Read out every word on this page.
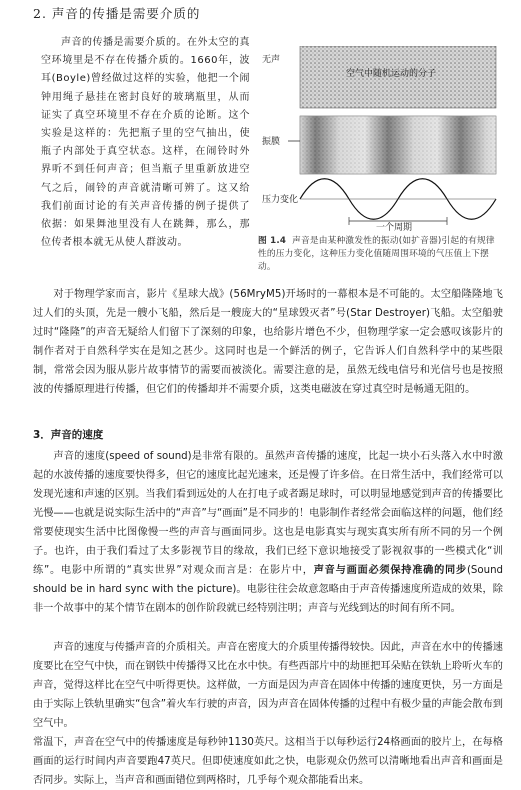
2. 声音的传播是需要介质的
声音的传播是需要介质的。在外太空的真空环境里是不存在传播介质的。1660年，波耳(Boyle)曾经做过这样的实验，他把一个闹钟用绳子悬挂在密封良好的玻璃瓶里，从而证实了真空环境里不存在介质的论断。这个实验是这样的：先把瓶子里的空气抽出，使瓶子内部处于真空状态。这样，在闹铃时外界听不到任何声音；但当瓶子里重新放进空气之后，闹铃的声音就清晰可辨了。这又给我们前面讨论的有关声音传播的例子提供了依据：如果舞池里没有人在跳舞，那么，那位传者根本就无从使人群波动。
无声
空气中随机运动的分子
振膜
压力变化
一个周期
图 1.4 声音是由某种激发性的振动(如扩音器)引起的有规律性的压力变化，这种压力变化值随周围环境的气压值上下摆动。
对于物理学家而言，影片《星球大战》(56MryM5)开场时的一幕根本是不可能的。太空船隆隆地飞过人们的头顶，先是一艘小飞船，然后是一艘庞大的“星球毁灭者”号(Star Destroyer)飞船。太空船驶过时“隆隆”的声音无疑给人们留下了深刻的印象，也给影片增色不少，但物理学家一定会感叹该影片的制作者对于自然科学实在是知之甚少。这同时也是一个鲜活的例子，它告诉人们自然科学中的某些限制，常常会因为服从影片故事情节的需要而被淡化。需要注意的是，虽然无线电信号和光信号也是按照波的传播原理进行传播，但它们的传播却并不需要介质，这类电磁波在穿过真空时是畅通无阻的。
3．声音的速度
声音的速度(speed of sound)是非常有限的。虽然声音传播的速度，比起一块小石头落入水中时激起的水波传播的速度要快得多，但它的速度比起光速来，还是慢了许多倍。在日常生活中，我们经常可以发现光速和声速的区别。当我们看到远处的人在打电子或者踢足球时，可以明显地感觉到声音的传播要比光慢——也就是说实际生活中的“声音”与“画面”是不同步的！电影制作者经常会面临这样的问题，他们经常要使现实生活中比图像慢一些的声音与画面同步。这也是电影真实与现实真实所有所不同的另一个例子。也许，由于我们看过了太多影视节目的缘故，我们已经下意识地接受了影视叙事的一些模式化“训练”。电影中所谓的“真实世界”对观众而言是：在影片中，声音与画面必须保持准确的同步(Sound should be in hard sync with the picture)。电影往往会故意忽略由于声音传播速度所造成的效果，除非一个故事中的某个情节在剧本的创作阶段就已经特别注明；声音与光线到达的时间有所不同。
声音的速度与传播声音的介质相关。声音在密度大的介质里传播得较快。因此，声音在水中的传播速度要比在空气中快，而在钢铁中传播得又比在水中快。有些西部片中的劫匪把耳朵贴在铁轨上聆听火车的声音，觉得这样比在空气中听得更快。这样做，一方面是因为声音在固体中传播的速度更快，另一方面是由于实际上铁轨里确实“包含”着火车行驶的声音，因为声音在固体传播的过程中有极少量的声能会散布到空气中。
常温下，声音在空气中的传播速度是每秒钟1130英尺。这相当于以每秒运行24格画面的胶片上，在每格画面的运行时间内声音要跑47英尺。但即使速度如此之快，电影观众仍然可以清晰地看出声音和画面是否同步。实际上，当声音和画面错位到两格时，几乎每个观众都能看出来。
